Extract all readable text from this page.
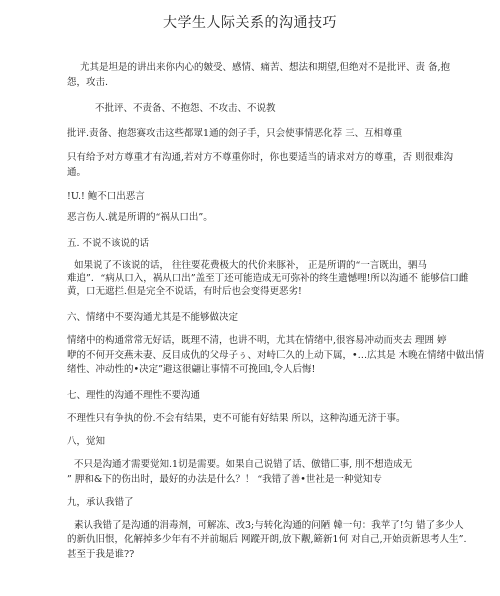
大学生人际关系的沟通技巧
尤其是坦是的讲出来你内心的皴受、感情、痛苦、想法和期望,但绝对不是批评、责 备,抱
怨，攻击.
不批评、不责备、不抱怨、不攻击、不说教
批评.责备、抱怨赛攻击这些都眾1通的刽子手，只会使事情恶化荐 三、互相尊重
只有给予对方尊重才有沟通,若对方不尊重你时，你也要适当的请求对方的尊重，否 则很难沟
通。
!U.! 鲍不口出恶言
恶言伤人.就是所谓的“祸从口出”。
五. 不说不该说的话
如果说了不该说的话， 往往要花费极大的代价来豚补， 正是所谓的“一言既出，驷马
难追”．“病从口入，祸从口出”盖至丁还可能造成无可弥补的终生遗憾哩!所以沟通不 能够信口雌
黄，口无遮拦.但是完全不说话，有时后也会变得更恶劣!
六、情绪中不要沟通尤其是不能够做决定
情绪中的构通常常无好话，既理不清，也讲不明，尤其在情绪中,很容易冲动而夹去 理囲 婷
咿的不何开交燕未妻、反目成仇的父母子ぅ、对峙匸久的上动下属，•…広其是 木晚在情绪中做出情
绪性、冲动性的•决定”避这很翩让事情不可挽回l,令人后悔!
七、理性的沟通不理性不要沟通
不理性只有争执的份.不会有结果，吏不可能有好结果 所以，这种沟通无济于事。
八，觉知
不只是沟通才需要觉知.1切是需要。如果自己说错了话、倣错匸事, 刖不想造成无
” 胛和&下的伤出时，最好的办法是什么？！ “我错了善•世社是一种觉知专
九，承认我错了
素认我错了是沟通的涓毒剂，可解冻、改3;与转化沟通的问陋 韓一句：我苹了!匀 错了多少人
的新仇旧恨，化解掉多少年有不并前堀后 网蹤开朗,放下觏,簖新1何 对自己,开始贡新思考人生”.
甚至于我是谁??
